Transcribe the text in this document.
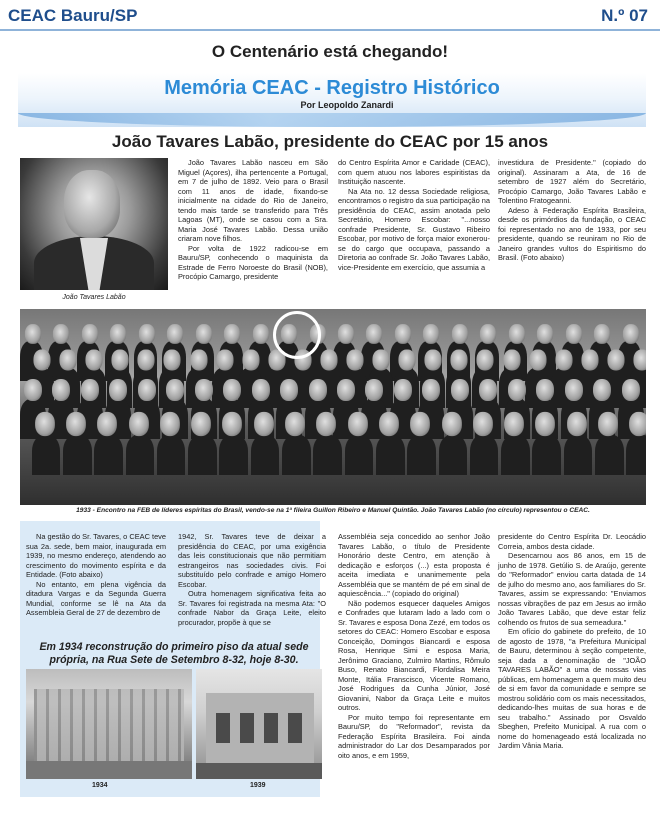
CEAC Bauru/SP	N.º 07
O Centenário está chegando!
Memória CEAC - Registro Histórico
Por Leopoldo Zanardi
João Tavares Labão, presidente do CEAC por 15 anos
João Tavares Labão

João Tavares Labão nasceu em São Miguel (Açores), ilha pertencente a Portugal, em 7 de julho de 1892. Veio para o Brasil com 11 anos de idade, fixando-se inicialmente na cidade do Rio de Janeiro, tendo mais tarde se transferido para Três Lagoas (MT), onde se casou com a Sra. Maria José Tavares Labão. Dessa união criaram nove filhos.

Por volta de 1922 radicou-se em Bauru/SP, conhecendo o maquinista da Estrade de Ferro Noroeste do Brasil (NOB), Procópio Camargo, presidente

do Centro Espírita Amor e Caridade (CEAC), com quem atuou nos labores espiritistas da Instituição nascente.

Na Ata no. 12 dessa Sociedade religiosa, encontramos o registro da sua participação na presidência do CEAC, assim anotada pelo Secretário, Homero Escobar: "...nosso confrade Presidente, Sr. Gustavo Ribeiro Escobar, por motivo de força maior exonerou-se do cargo que occupava, passando a Diretoria ao confrade Sr. João Tavares Labão, vice-Presidente em exercício, que assumia a

investidura de Presidente." (copiado do original). Assinaram a Ata, de 16 de setembro de 1927 além do Secretário, Procópio Camargo, João Tavares Labão e Tolentino Fratogeanni.

Adeso à Federação Espírita Brasileira, desde os primórdios da fundação, o CEAC foi representado no ano de 1933, por seu presidente, quando se reuniram no Rio de Janeiro grandes vultos do Espiritismo do Brasil. (Foto abaixo)

1933 - Encontro na FEB de líderes espíritas do Brasil, vendo-se na 1ª fileira Guillon Ribeiro e Manuel Quintão. João Tavares Labão (no círculo) representou o CEAC.

Na gestão do Sr. Tavares, o CEAC teve sua 2a. sede, bem maior, inaugurada em 1939, no mesmo endereço, atendendo ao crescimento do movimento espírita e da Entidade. (Foto abaixo)

No entanto, em plena vigência da ditadura Vargas e da Segunda Guerra Mundial, conforme se lê na Ata da Assembleia Geral de 27 de dezembro de

1942, Sr. Tavares teve de deixar a presidência do CEAC, por uma exigência das leis constitucionais que não permitiam estrangeiros nas sociedades civis. Foi substituído pelo confrade e amigo Homero Escobar.

Outra homenagem significativa feita ao Sr. Tavares foi registrada na mesma Ata: "O confrade Nabor da Graça Leite, eleito procurador, propõe à que se

Em 1934 reconstrução do primeiro piso da atual sede própria, na Rua Sete de Setembro 8-32, hoje 8-30.
1934	1939

Assembléia seja concedido ao senhor João Tavares Labão, o título de Presidente Honorário deste Centro, em atenção à dedicação e esforços (...) esta proposta é aceita imediata e unanimemente pela Assembléia que se mantém de pé em sinal de aquiescência..." (copiado do original)

Não podemos esquecer daqueles Amigos e Confrades que lutaram lado a lado com o Sr. Tavares e esposa Dona Zezé, em todos os setores do CEAC: Homero Escobar e esposa Conceição, Domingos Biancardi e esposa Rosa, Henrique Simi e esposa Maria, Jerônimo Graciano, Zulmiro Martins, Rômulo Buso, Renato Biancardi, Flordalisa Meira Monte, Itália Franscisco, Vicente Romano, José Rodrigues da Cunha Júnior, José Giovanini, Nabor da Graça Leite e muitos outros.

Por muito tempo foi representante em Bauru/SP, do "Reformador", revista da Federação Espírita Brasileira. Foi ainda administrador do Lar dos Desamparados por oito anos, e em 1959,

presidente do Centro Espírita Dr. Leocádio Correia, ambos desta cidade.

Desencarnou aos 86 anos, em 15 de junho de 1978. Getúlio S. de Araújo, gerente do "Reformador" enviou carta datada de 14 de julho do mesmo ano, aos familiares do Sr. Tavares, assim se expressando: "Enviamos nossas vibrações de paz em Jesus ao irmão João Tavares Labão, que deve estar feliz colhendo os frutos de sua semeadura."

Em ofício do gabinete do prefeito, de 10 de agosto de 1978, "a Prefeitura Municipal de Bauru, determinou à seção competente, seja dada a denominação de "JOÃO TAVARES LABÃO" a uma de nossas vias públicas, em homenagem a quem muito deu de si em favor da comunidade e sempre se mostrou solidário com os mais necessitados, dedicando-lhes muitas de sua horas e de seu trabalho." Assinado por Osvaldo Sbeghen, Prefeito Municipal. A rua com o nome do homenageado está localizada no Jardim Vânia Maria.
